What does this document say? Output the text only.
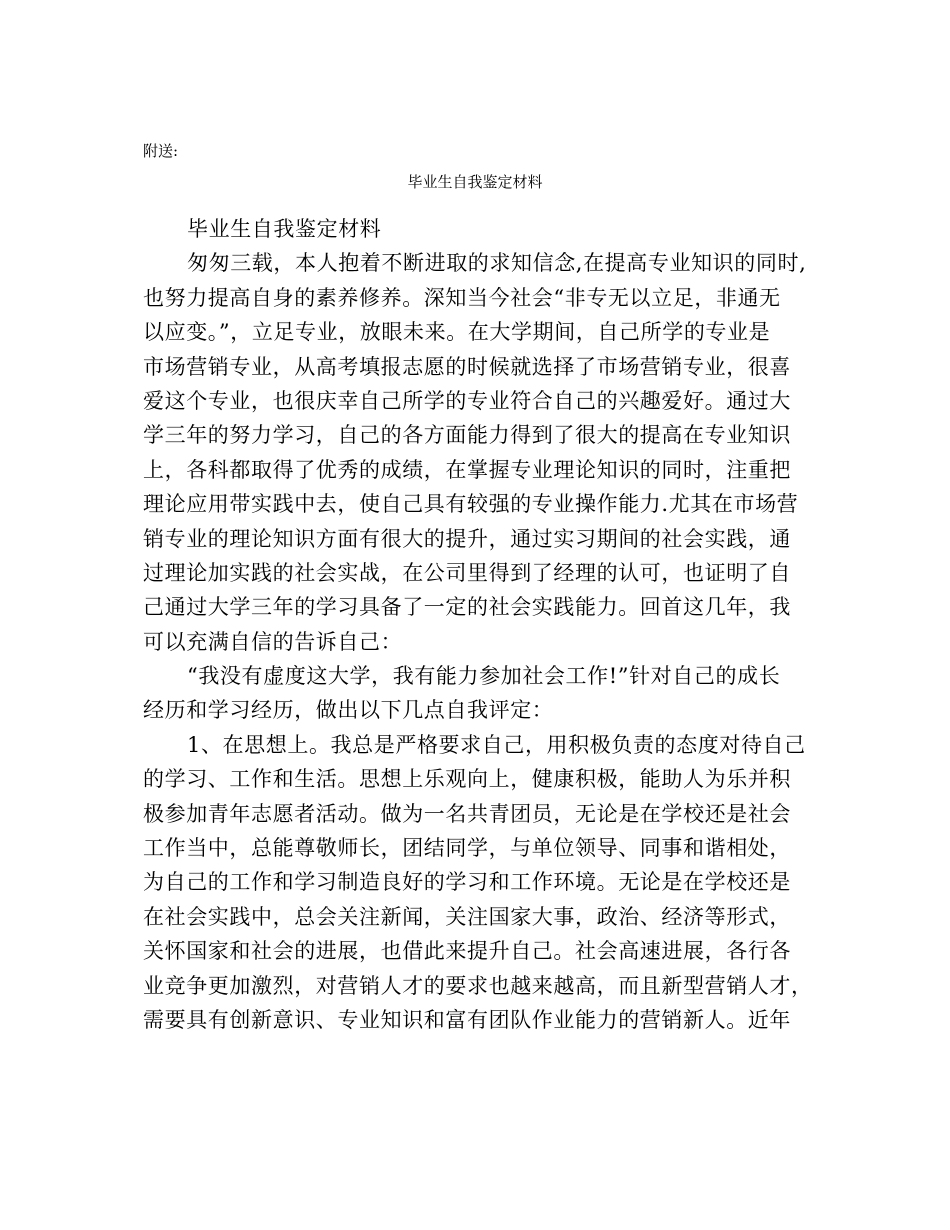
附送:
毕业生自我鉴定材料
毕业生自我鉴定材料
匆匆三载，本人抱着不断进取的求知信念,在提高专业知识的同时,
也努力提高自身的素养修养。深知当今社会“非专无以立足，非通无
以应变。”，立足专业，放眼未来。在大学期间，自己所学的专业是
市场营销专业，从高考填报志愿的时候就选择了市场营销专业，很喜
爱这个专业，也很庆幸自己所学的专业符合自己的兴趣爱好。通过大
学三年的努力学习，自己的各方面能力得到了很大的提高在专业知识
上，各科都取得了优秀的成绩，在掌握专业理论知识的同时，注重把
理论应用带实践中去，使自己具有较强的专业操作能力.尤其在市场营
销专业的理论知识方面有很大的提升，通过实习期间的社会实践，通
过理论加实践的社会实战，在公司里得到了经理的认可，也证明了自
己通过大学三年的学习具备了一定的社会实践能力。回首这几年，我
可以充满自信的告诉自己：
“我没有虚度这大学，我有能力参加社会工作!”针对自己的成长
经历和学习经历，做出以下几点自我评定：
1、在思想上。我总是严格要求自己，用积极负责的态度对待自己
的学习、工作和生活。思想上乐观向上，健康积极，能助人为乐并积
极参加青年志愿者活动。做为一名共青团员，无论是在学校还是社会
工作当中，总能尊敬师长，团结同学，与单位领导、同事和谐相处，
为自己的工作和学习制造良好的学习和工作环境。无论是在学校还是
在社会实践中，总会关注新闻，关注国家大事，政治、经济等形式，
关怀国家和社会的进展，也借此来提升自己。社会高速进展，各行各
业竞争更加激烈，对营销人才的要求也越来越高，而且新型营销人才，
需要具有创新意识、专业知识和富有团队作业能力的营销新人。近年
